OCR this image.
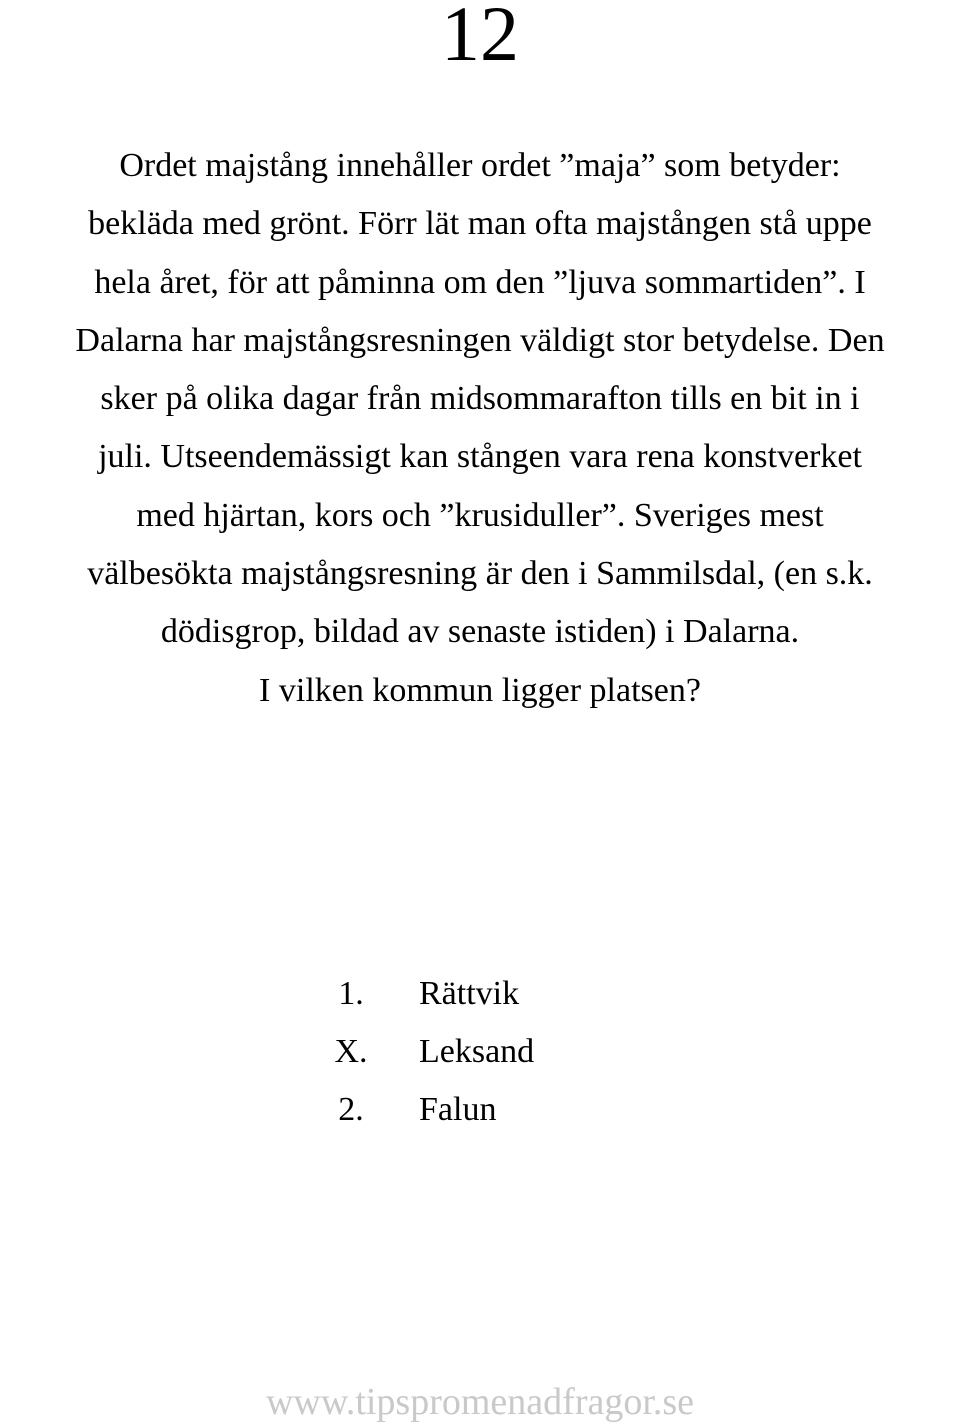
12
Ordet majstång innehåller ordet ”maja” som betyder:
bekläda med grönt. Förr lät man ofta majstången stå uppe
hela året, för att påminna om den ”ljuva sommartiden”. I
Dalarna har majstångsresningen väldigt stor betydelse. Den
sker på olika dagar från midsommarafton tills en bit in i
juli. Utseendemässigt kan stången vara rena konstverket
med hjärtan, kors och ”krusiduller”. Sveriges mest
välbesökta majstångsresning är den i Sammilsdal, (en s.k.
dödisgrop, bildad av senaste istiden) i Dalarna.
I vilken kommun ligger platsen?
1. Rättvik
X. Leksand
2. Falun
www.tipspromenadfragor.se
